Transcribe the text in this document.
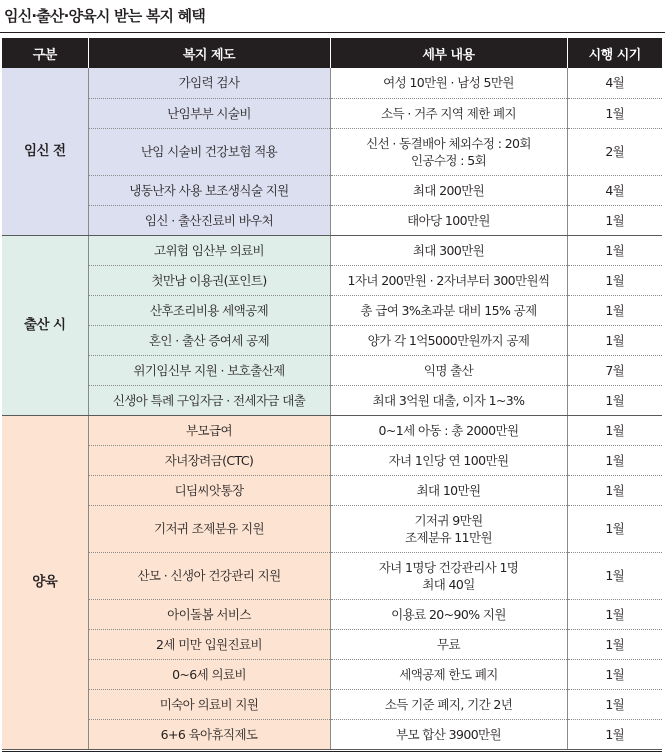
임신·출산·양육시 받는 복지 혜택
구분	복지 제도	세부 내용	시행 시기
임신 전	가임력 검사	여성 10만원 · 남성 5만원	4월
	난임부부 시술비	소득 · 거주 지역 제한 폐지	1월
	난임 시술비 건강보험 적용	신선 · 동결배아 체외수정 : 20회
인공수정 : 5회	2월
	냉동난자 사용 보조생식술 지원	최대 200만원	4월
	임신 · 출산진료비 바우처	태아당 100만원	1월
출산 시	고위험 임산부 의료비	최대 300만원	1월
	첫만남 이용권(포인트)	1자녀 200만원 · 2자녀부터 300만원씩	1월
	산후조리비용 세액공제	총 급여 3%초과분 대비 15% 공제	1월
	혼인 · 출산 증여세 공제	양가 각 1억5000만원까지 공제	1월
	위기임신부 지원 · 보호출산제	익명 출산	7월
	신생아 특례 구입자금 · 전세자금 대출	최대 3억원 대출, 이자 1~3%	1월
양육	부모급여	0~1세 아동 : 총 2000만원	1월
	자녀장려금(CTC)	자녀 1인당 연 100만원	1월
	디딤씨앗통장	최대 10만원	1월
	기저귀 조제분유 지원	기저귀 9만원
조제분유 11만원	1월
	산모 · 신생아 건강관리 지원	자녀 1명당 건강관리사 1명
최대 40일	1월
	아이돌봄 서비스	이용료 20~90% 지원	1월
	2세 미만 입원진료비	무료	1월
	0~6세 의료비	세액공제 한도 폐지	1월
	미숙아 의료비 지원	소득 기준 폐지, 기간 2년	1월
	6+6 육아휴직제도	부모 합산 3900만원	1월
